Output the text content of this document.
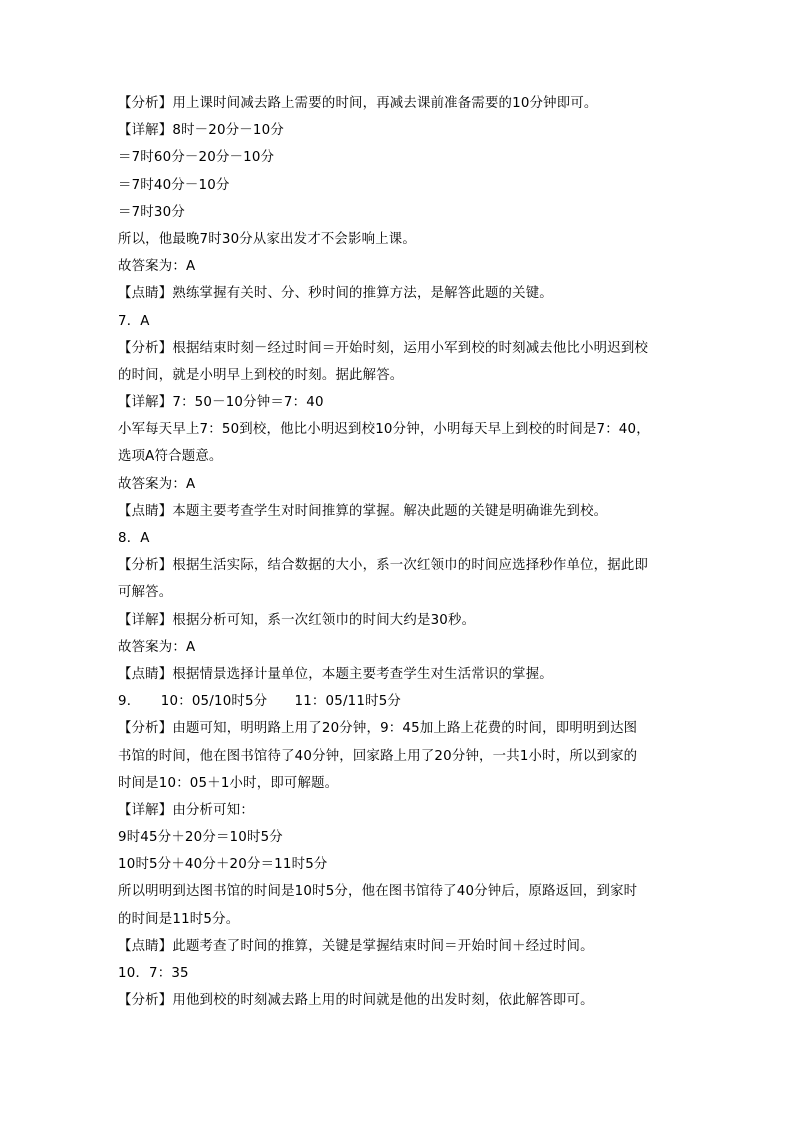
【分析】用上课时间减去路上需要的时间，再减去课前准备需要的10分钟即可。
【详解】8时－20分－10分
＝7时60分－20分－10分
＝7时40分－10分
＝7时30分
所以，他最晚7时30分从家出发才不会影响上课。
故答案为：A
【点睛】熟练掌握有关时、分、秒时间的推算方法，是解答此题的关键。
7．A
【分析】根据结束时刻－经过时间＝开始时刻，运用小军到校的时刻减去他比小明迟到校
的时间，就是小明早上到校的时刻。据此解答。
【详解】7：50－10分钟＝7：40
小军每天早上7：50到校，他比小明迟到校10分钟，小明每天早上到校的时间是7：40，
选项A符合题意。
故答案为：A
【点睛】本题主要考查学生对时间推算的掌握。解决此题的关键是明确谁先到校。
8．A
【分析】根据生活实际，结合数据的大小，系一次红领巾的时间应选择秒作单位，据此即
可解答。
【详解】根据分析可知，系一次红领巾的时间大约是30秒。
故答案为：A
【点睛】根据情景选择计量单位，本题主要考查学生对生活常识的掌握。
9．　　10：05/10时5分　　11：05/11时5分
【分析】由题可知，明明路上用了20分钟，9：45加上路上花费的时间，即明明到达图
书馆的时间，他在图书馆待了40分钟，回家路上用了20分钟，一共1小时，所以到家的
时间是10：05＋1小时，即可解题。
【详解】由分析可知：
9时45分＋20分＝10时5分
10时5分＋40分＋20分＝11时5分
所以明明到达图书馆的时间是10时5分，他在图书馆待了40分钟后，原路返回，到家时
的时间是11时5分。
【点睛】此题考查了时间的推算，关键是掌握结束时间＝开始时间＋经过时间。
10．7：35
【分析】用他到校的时刻减去路上用的时间就是他的出发时刻，依此解答即可。
